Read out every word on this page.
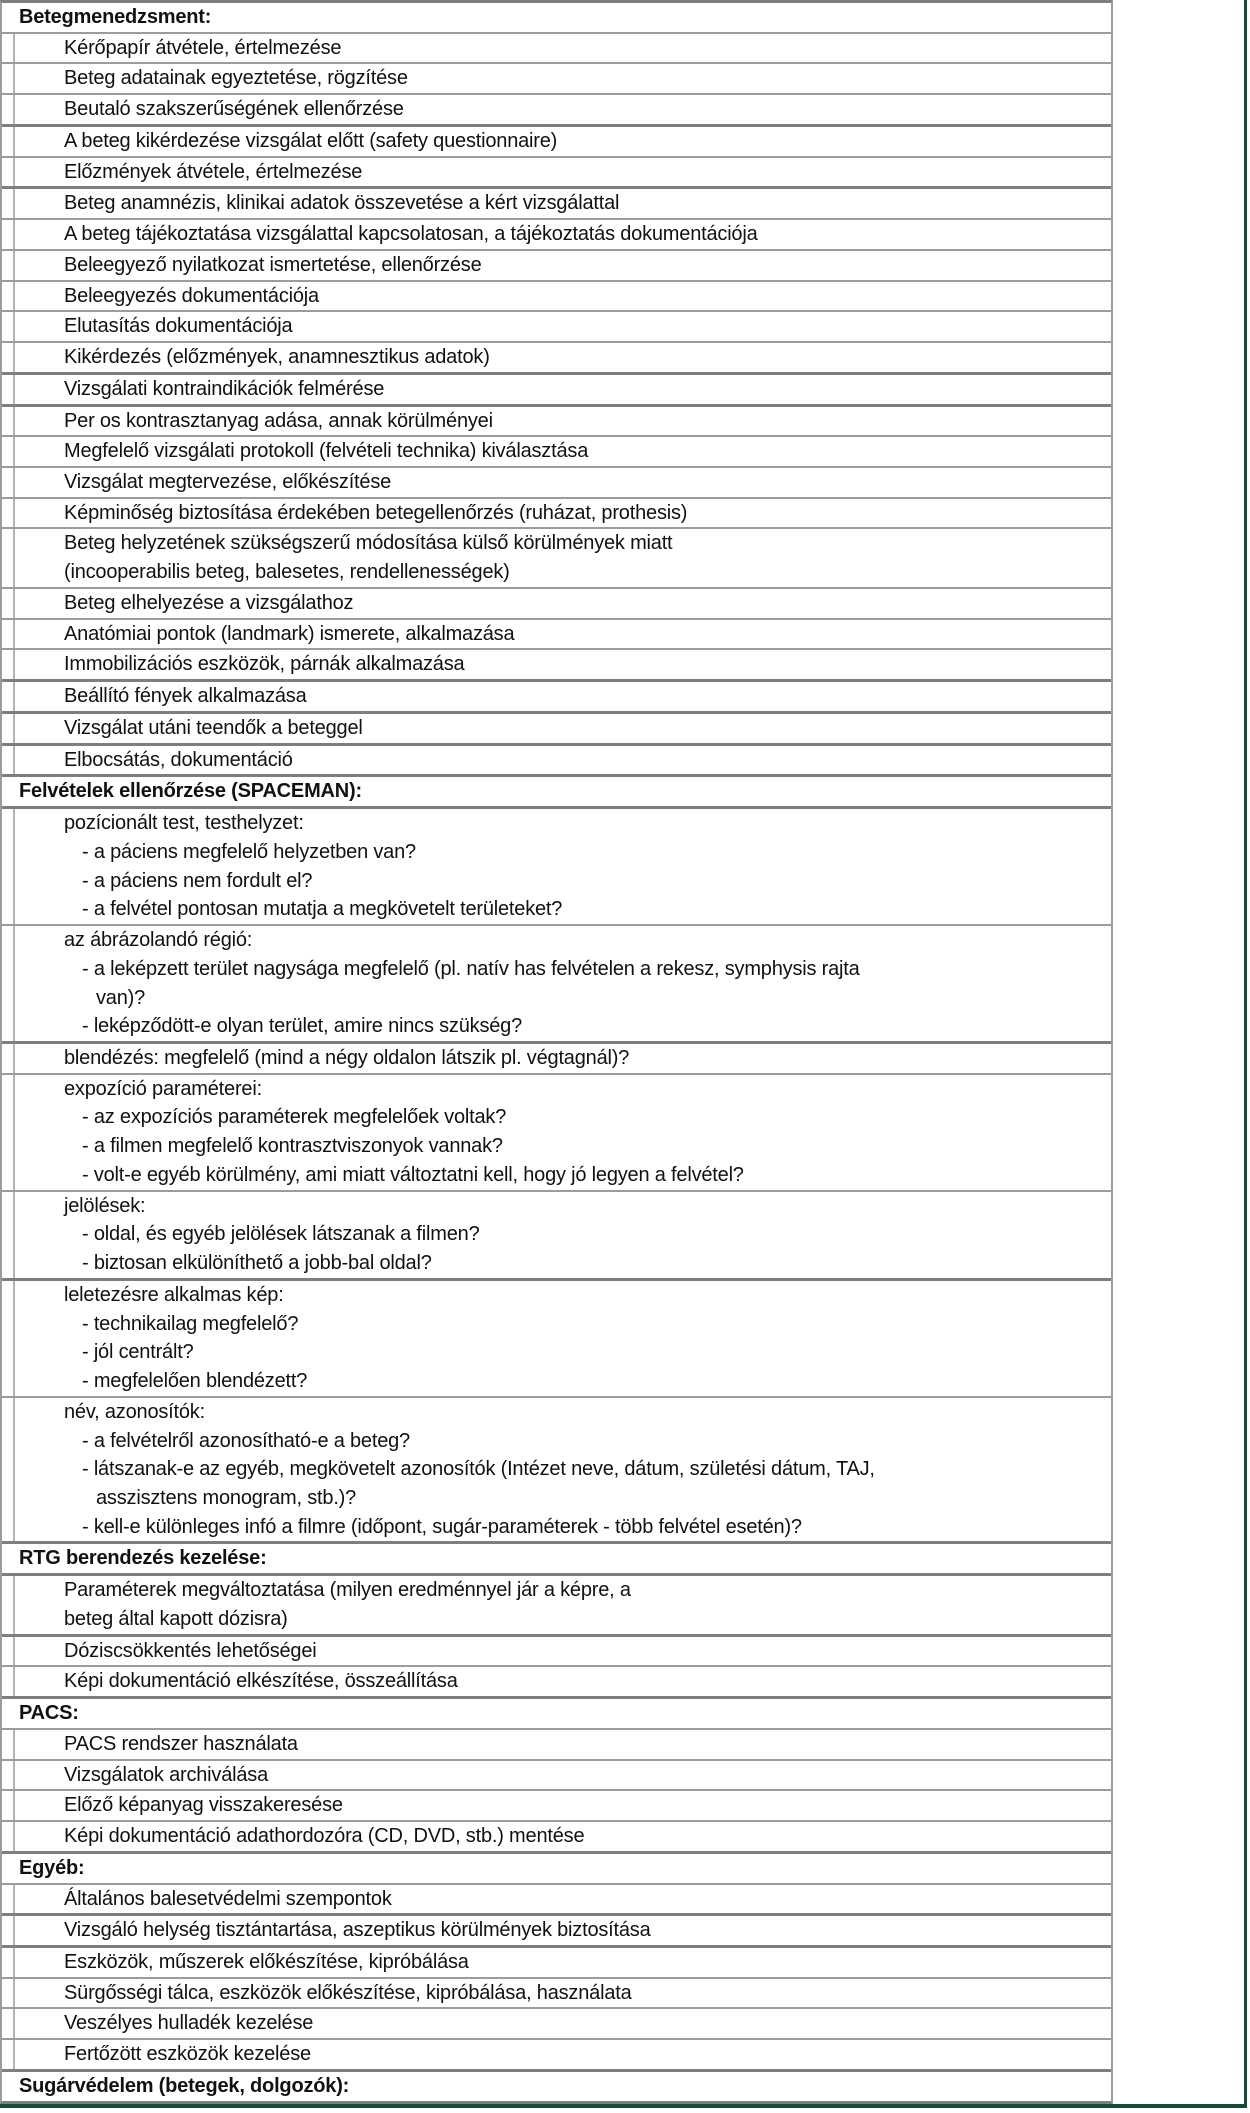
Betegmenedzsment:
Kérőpapír átvétele, értelmezése
Beteg adatainak egyeztetése, rögzítése
Beutaló szakszerűségének ellenőrzése
A beteg kikérdezése vizsgálat előtt (safety questionnaire)
Előzmények átvétele, értelmezése
Beteg anamnézis, klinikai adatok összevetése a kért vizsgálattal
A beteg tájékoztatása vizsgálattal kapcsolatosan, a tájékoztatás dokumentációja
Beleegyező nyilatkozat ismertetése, ellenőrzése
Beleegyezés dokumentációja
Elutasítás dokumentációja
Kikérdezés (előzmények, anamnesztikus adatok)
Vizsgálati kontraindikációk felmérése
Per os kontrasztanyag adása, annak körülményei
Megfelelő vizsgálati protokoll (felvételi technika) kiválasztása
Vizsgálat megtervezése, előkészítése
Képminőség biztosítása érdekében betegellenőrzés (ruházat, prothesis)
Beteg helyzetének szükségszerű módosítása külső körülmények miatt
(incooperabilis beteg, balesetes, rendellenességek)
Beteg elhelyezése a vizsgálathoz
Anatómiai pontok (landmark) ismerete, alkalmazása
Immobilizációs eszközök, párnák alkalmazása
Beállító fények alkalmazása
Vizsgálat utáni teendők a beteggel
Elbocsátás, dokumentáció
Felvételek ellenőrzése (SPACEMAN):
pozícionált test, testhelyzet:
- a páciens megfelelő helyzetben van?
- a páciens nem fordult el?
- a felvétel pontosan mutatja a megkövetelt területeket?
az ábrázolandó régió:
- a leképzett terület nagysága megfelelő (pl. natív has felvételen a rekesz, symphysis rajta
van)?
- leképződött-e olyan terület, amire nincs szükség?
blendézés: megfelelő (mind a négy oldalon látszik pl. végtagnál)?
expozíció paraméterei:
- az expozíciós paraméterek megfelelőek voltak?
- a filmen megfelelő kontrasztviszonyok vannak?
- volt-e egyéb körülmény, ami miatt változtatni kell, hogy jó legyen a felvétel?
jelölések:
- oldal, és egyéb jelölések látszanak a filmen?
- biztosan elkülöníthető a jobb-bal oldal?
leletezésre alkalmas kép:
- technikailag megfelelő?
- jól centrált?
- megfelelően blendézett?
név, azonosítók:
- a felvételről azonosítható-e a beteg?
- látszanak-e az egyéb, megkövetelt azonosítók (Intézet neve, dátum, születési dátum, TAJ,
asszisztens monogram, stb.)?
- kell-e különleges infó a filmre (időpont, sugár-paraméterek - több felvétel esetén)?
RTG berendezés kezelése:
Paraméterek megváltoztatása (milyen eredménnyel jár a képre, a
beteg által kapott dózisra)
Dóziscsökkentés lehetőségei
Képi dokumentáció elkészítése, összeállítása
PACS:
PACS rendszer használata
Vizsgálatok archiválása
Előző képanyag visszakeresése
Képi dokumentáció adathordozóra (CD, DVD, stb.) mentése
Egyéb:
Általános balesetvédelmi szempontok
Vizsgáló helység tisztántartása, aszeptikus körülmények biztosítása
Eszközök, műszerek előkészítése, kipróbálása
Sürgősségi tálca, eszközök előkészítése, kipróbálása, használata
Veszélyes hulladék kezelése
Fertőzött eszközök kezelése
Sugárvédelem (betegek, dolgozók):
